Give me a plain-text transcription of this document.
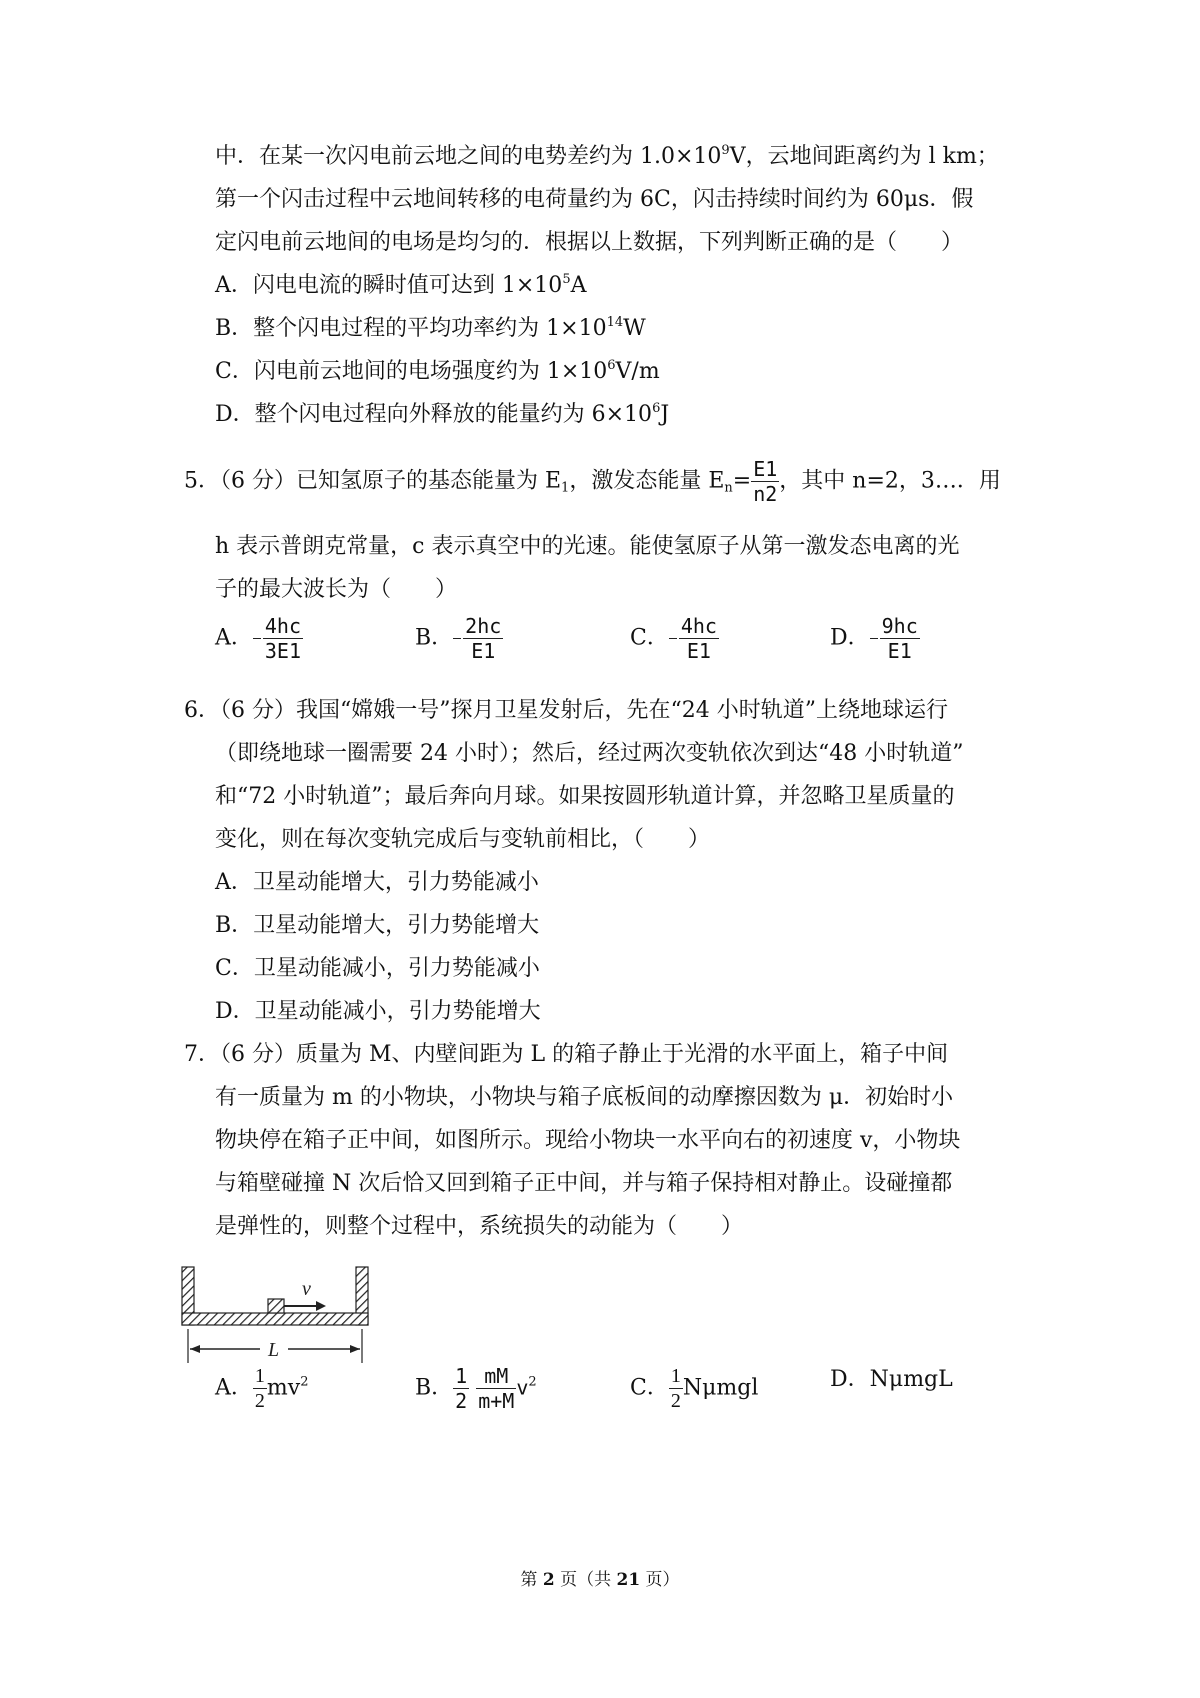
中．在某一次闪电前云地之间的电势差约为 $1.0\times 10^9V$，云地间距离约为 l km；
第一个闪击过程中云地间转移的电荷量约为 6C，闪击持续时间约为 60μs．假
定闪电前云地间的电场是均匀的．根据以上数据，下列判断正确的是（　　）
A．闪电电流的瞬时值可达到 $1\times 10^5A$
B．整个闪电过程的平均功率约为 $1\times 10^{14}W$
C．闪电前云地间的电场强度约为 $1\times 10^6V/m$
D．整个闪电过程向外释放的能量约为 $6\times 10^6J$
5．（6 分）已知氢原子的基态能量为 $E_1$，激发态能量 $E_n= \frac{E1}{n2}$ ，其中 n=2，3…．用
h 表示普朗克常量，c 表示真空中的光速。能使氢原子从第一激发态电离的光
子的最大波长为（　　）
A． $\frac{4hc}{3E1}$	B． $\frac{2hc}{E1}$	C． $\frac{4hc}{E1}$	D． $\frac{9hc}{E1}$
6．（6 分）我国“嫦娥一号”探月卫星发射后，先在“24 小时轨道”上绕地球运行
（即绕地球一圈需要 24 小时）；然后，经过两次变轨依次到达“48 小时轨道”
和“72 小时轨道”；最后奔向月球。如果按圆形轨道计算，并忽略卫星质量的
变化，则在每次变轨完成后与变轨前相比，（　　）
A．卫星动能增大，引力势能减小
B．卫星动能增大，引力势能增大
C．卫星动能减小，引力势能减小
D．卫星动能减小，引力势能增大
7．（6 分）质量为 M、内壁间距为 L 的箱子静止于光滑的水平面上，箱子中间
有一质量为 m 的小物块，小物块与箱子底板间的动摩擦因数为 μ．初始时小
物块停在箱子正中间，如图所示。现给小物块一水平向右的初速度 v，小物块
与箱壁碰撞 N 次后恰又回到箱子正中间，并与箱子保持相对静止。设碰撞都
是弹性的，则整个过程中，系统损失的动能为（　　）
v
L
A． $\frac{1}{2} mv^2$	B． $\frac{1}{2}$
$\frac{mM}{m+M} v^2$	C． $\frac{1}{2}$ Nμmgl	D．NμmgL
第 2 页（共 21 页）
